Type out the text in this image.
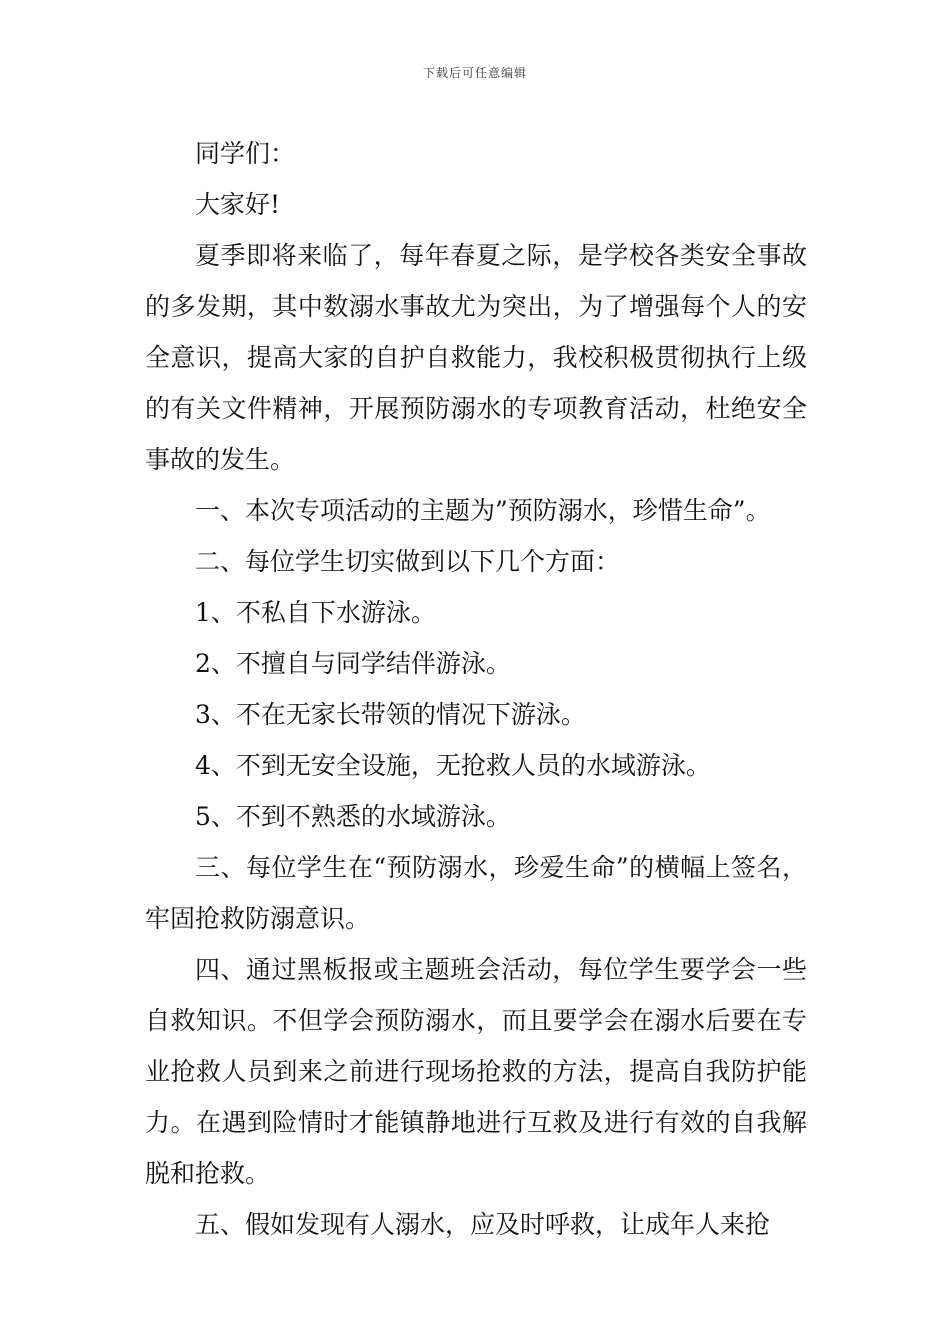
下载后可任意编辑

同学们：

大家好!

夏季即将来临了，每年春夏之际，是学校各类安全事故的多发期，其中数溺水事故尤为突出，为了增强每个人的安全意识，提高大家的自护自救能力，我校积极贯彻执行上级的有关文件精神，开展预防溺水的专项教育活动，杜绝安全事故的发生。

一、本次专项活动的主题为”预防溺水，珍惜生命”。

二、每位学生切实做到以下几个方面：

1、不私自下水游泳。

2、不擅自与同学结伴游泳。

3、不在无家长带领的情况下游泳。

4、不到无安全设施，无抢救人员的水域游泳。

5、不到不熟悉的水域游泳。

三、每位学生在“预防溺水，珍爱生命”的横幅上签名，牢固抢救防溺意识。

四、通过黑板报或主题班会活动，每位学生要学会一些自救知识。不但学会预防溺水，而且要学会在溺水后要在专业抢救人员到来之前进行现场抢救的方法，提高自我防护能力。在遇到险情时才能镇静地进行互救及进行有效的自我解脱和抢救。

五、假如发现有人溺水，应及时呼救，让成年人来抢
